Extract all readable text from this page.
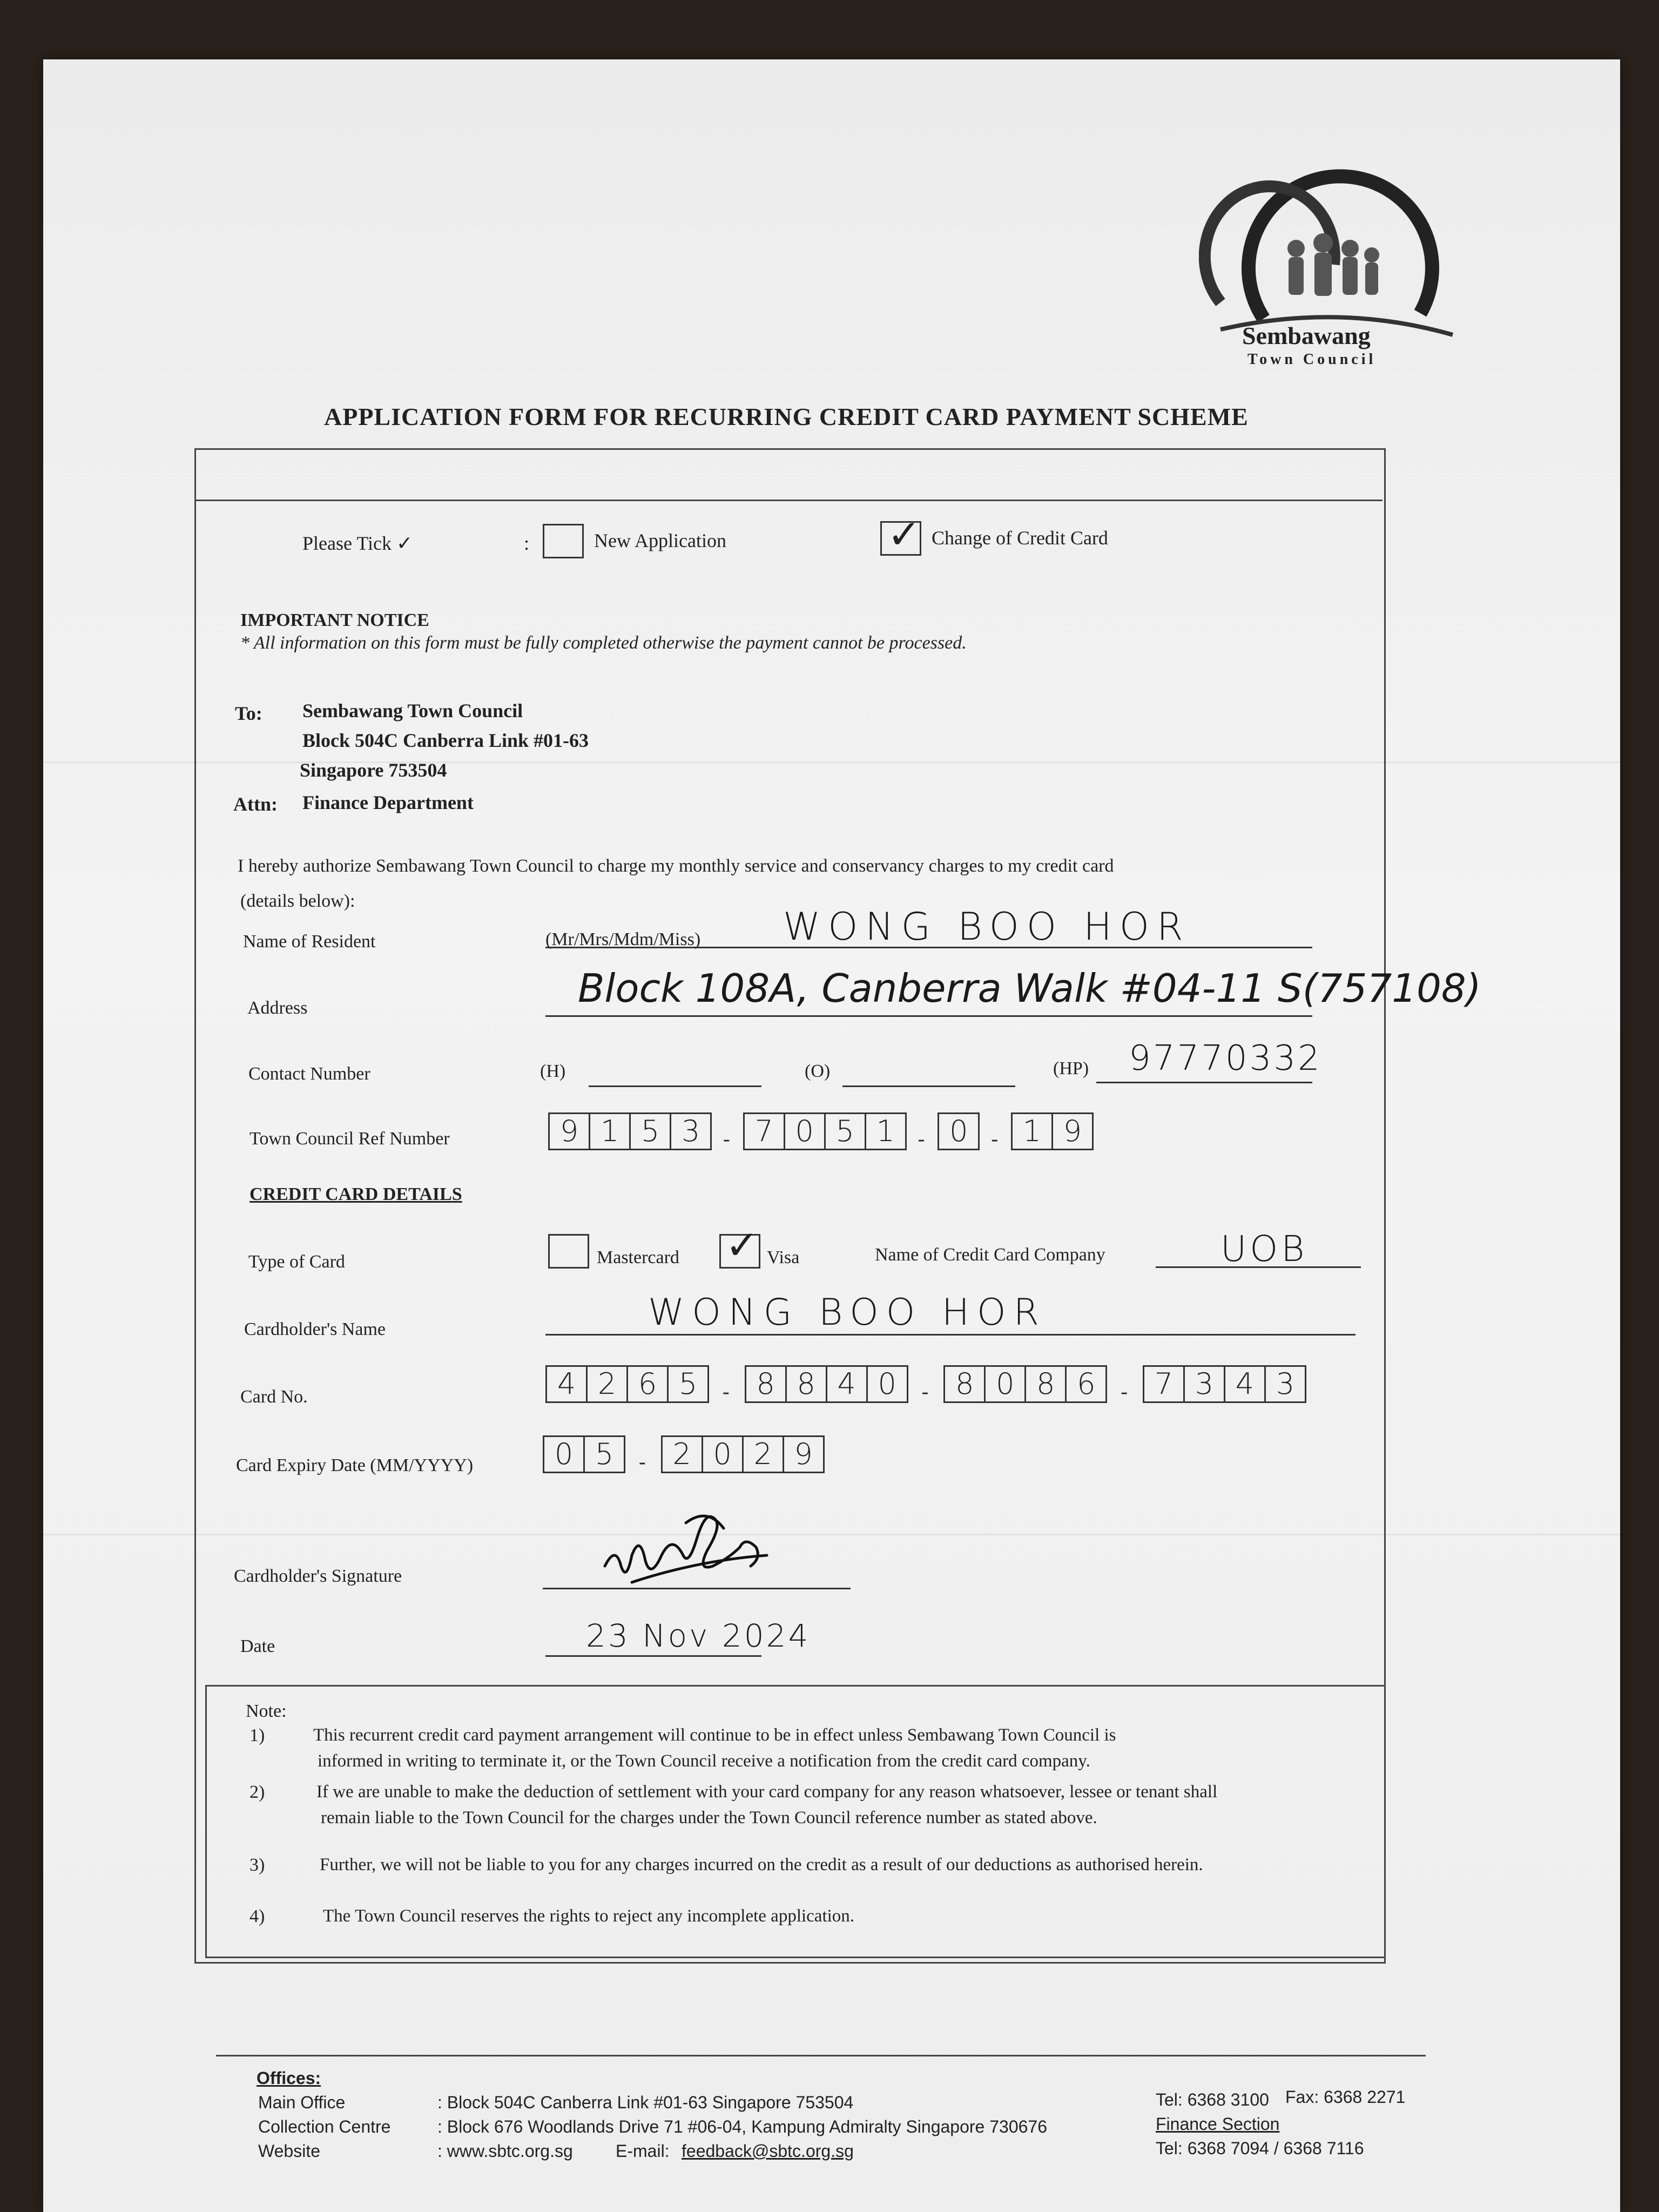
Sembawang
Town Council
APPLICATION FORM FOR RECURRING CREDIT CARD PAYMENT SCHEME
Please Tick ✓	:	New Application	✓ Change of Credit Card
IMPORTANT NOTICE
* All information on this form must be fully completed otherwise the payment cannot be processed.
To: Sembawang Town Council
Block 504C Canberra Link #01-63
Singapore 753504
Attn: Finance Department
I hereby authorize Sembawang Town Council to charge my monthly service and conservancy charges to my credit card
(details below):
Name of Resident	(Mr/Mrs/Mdm/Miss) WONG BOO HOR
Address	Block 108A, Canberra Walk #04-11 S(757108)
Contact Number	(H)	(O)	(HP) 97770332
Town Council Ref Number	9 1 5 3	- 7 0 5 1	- 0	- 1 9
CREDIT CARD DETAILS
Type of Card	Mastercard ✓ Visa	Name of Credit Card Company	UOB
Cardholder's Name	WONG BOO HOR
Card No.	4 2 6 5	- 8 8 4 0	- 8 0 8 6	- 7 3 4 3
Card Expiry Date (MM/YYYY)	0 5	- 2 0 2 9
Cardholder's Signature
Date	23 Nov 2024
Note:
1)	This recurrent credit card payment arrangement will continue to be in effect unless Sembawang Town Council is
informed in writing to terminate it, or the Town Council receive a notification from the credit card company.
2)	If we are unable to make the deduction of settlement with your card company for any reason whatsoever, lessee or tenant shall
remain liable to the Town Council for the charges under the Town Council reference number as stated above.
3)	Further, we will not be liable to you for any charges incurred on the credit as a result of our deductions as authorised herein.
4)	The Town Council reserves the rights to reject any incomplete application.
Offices:
Main Office	: Block 504C Canberra Link #01-63 Singapore 753504
Collection Centre	: Block 676 Woodlands Drive 71 #06-04, Kampung Admiralty Singapore 730676
Website	: www.sbtc.org.sg E-mail: feedback@sbtc.org.sg
Tel: 6368 3100 Fax: 6368 2271
Finance Section
Tel: 6368 7094 / 6368 7116
